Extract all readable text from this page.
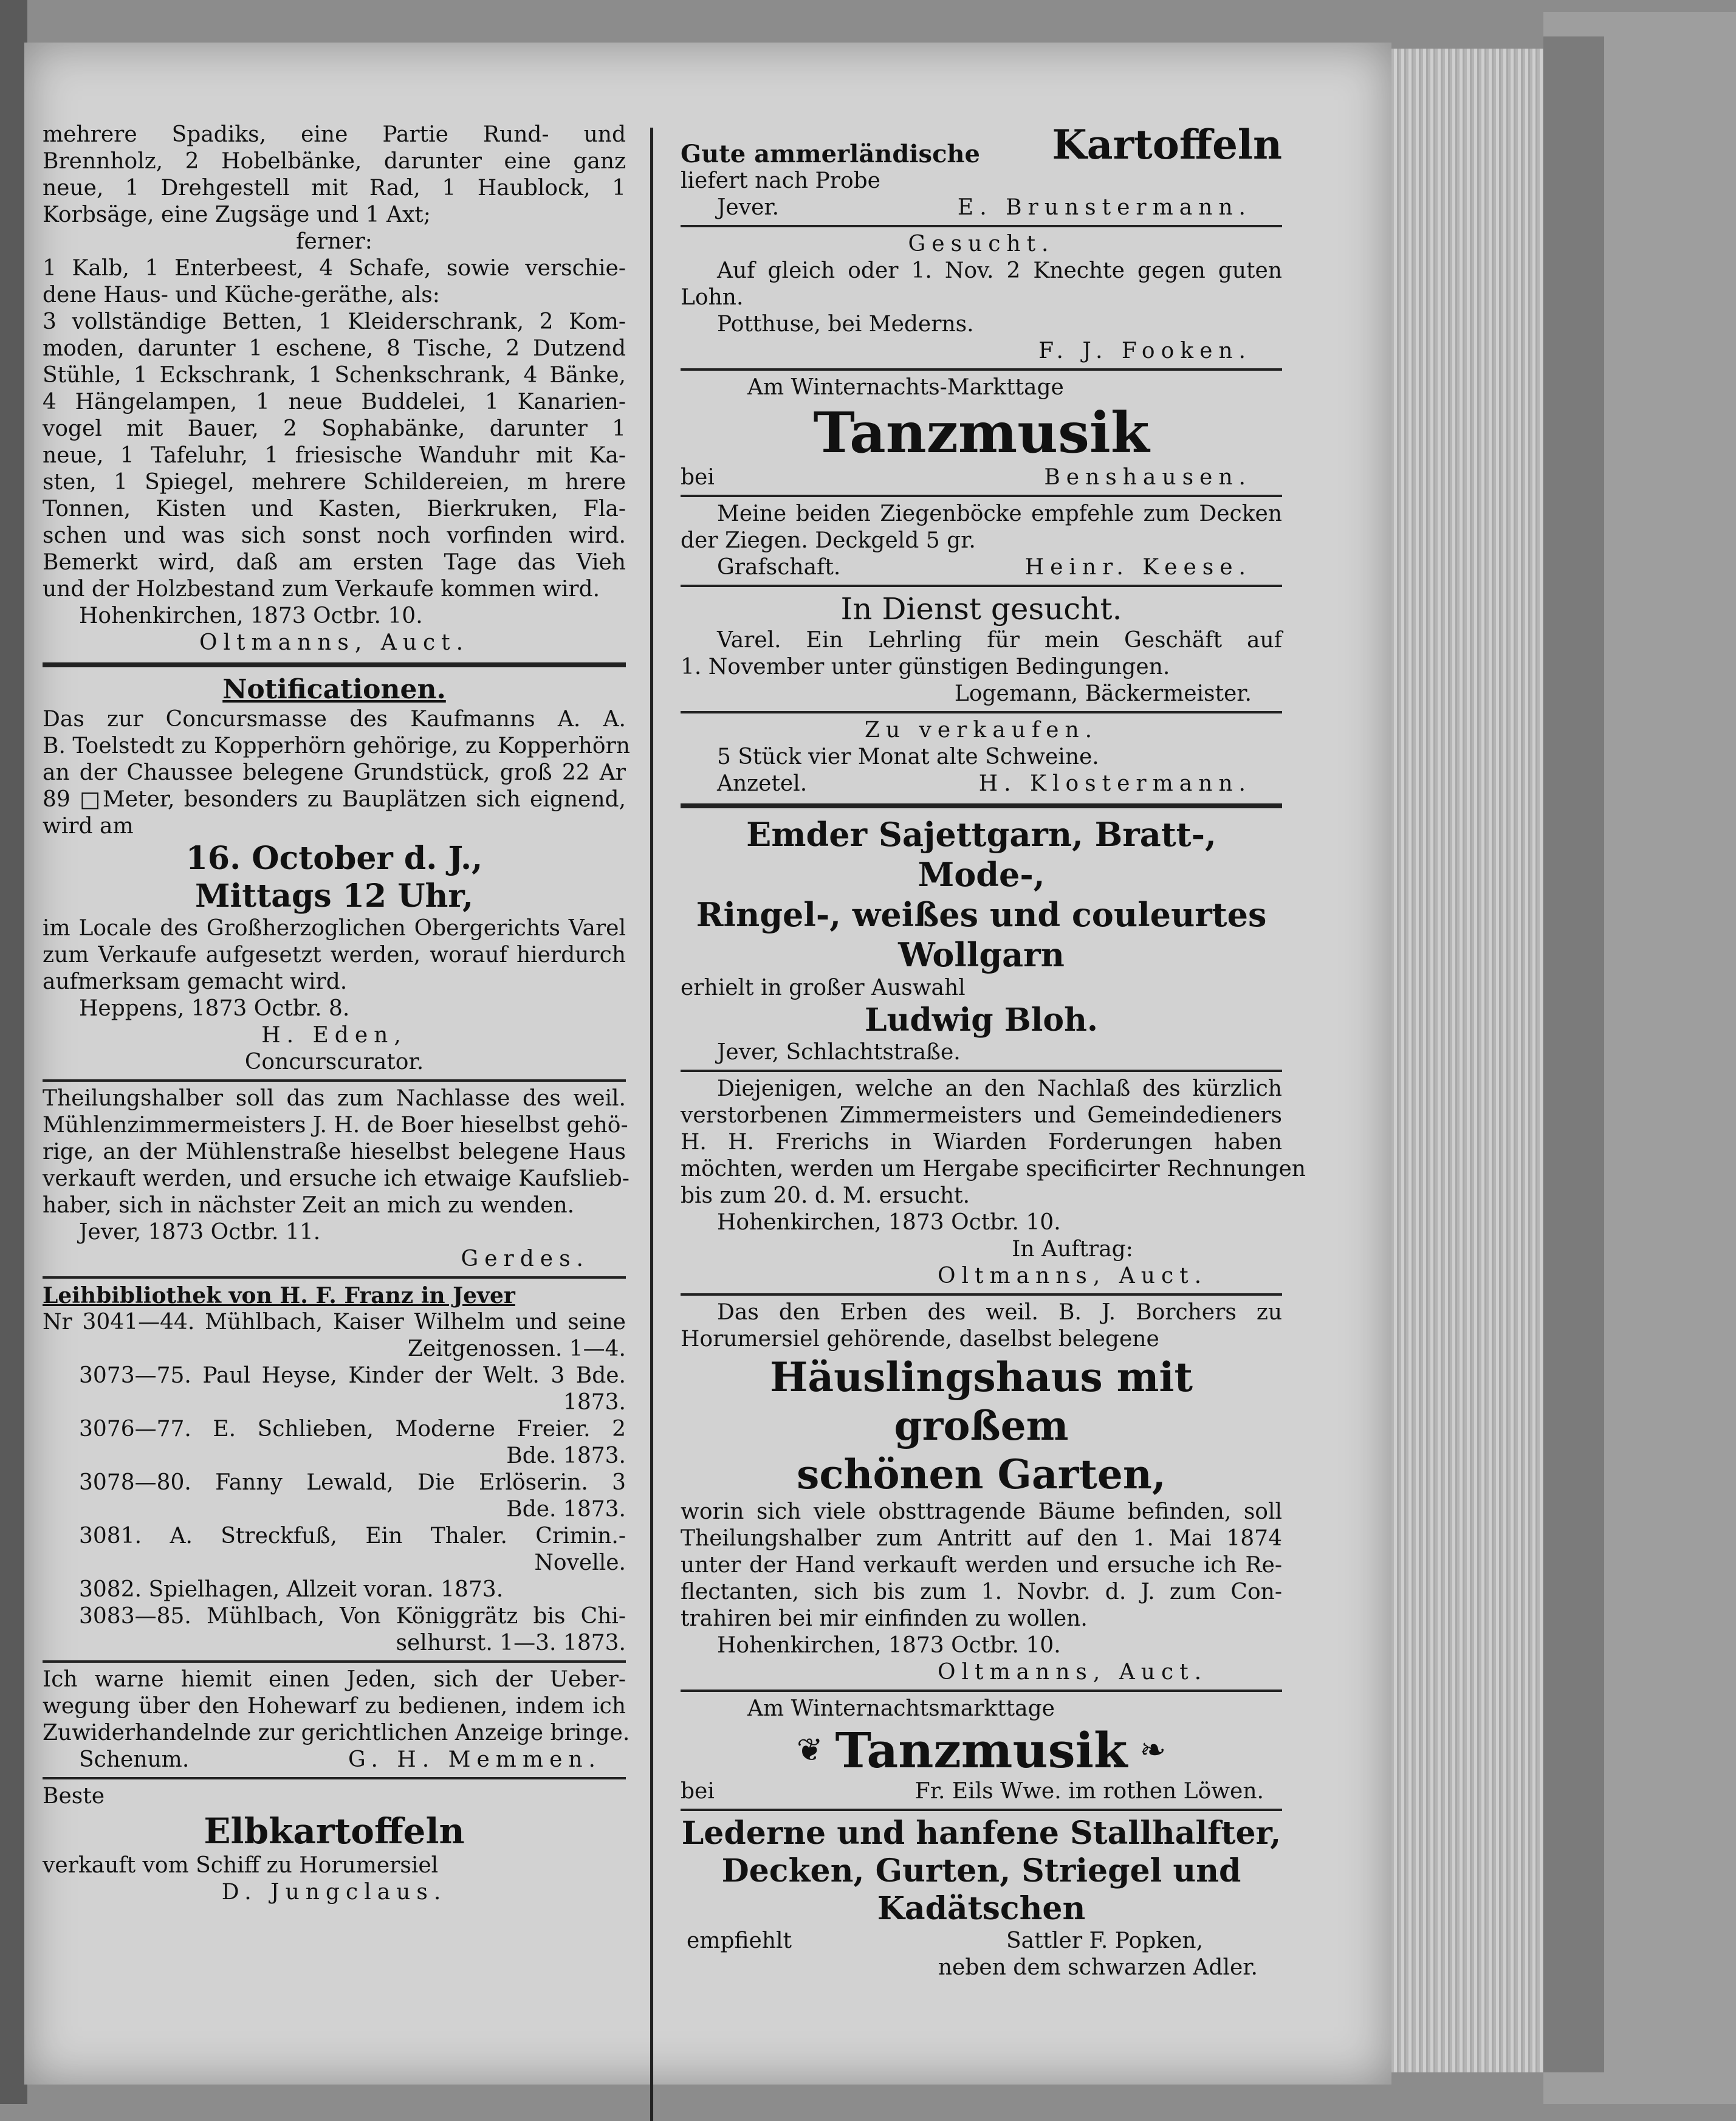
mehrere Spadiks, eine Partie Rund- und
Brennholz, 2 Hobelbänke, darunter eine ganz
neue, 1 Drehgestell mit Rad, 1 Haublock, 1
Korbsäge, eine Zugsäge und 1 Axt;
ferner:
1 Kalb, 1 Enterbeest, 4 Schafe, sowie verschie-
dene Haus- und Küche-geräthe, als:
3 vollständige Betten, 1 Kleiderschrank, 2 Kom-
moden, darunter 1 eschene, 8 Tische, 2 Dutzend
Stühle, 1 Eckschrank, 1 Schenkschrank, 4 Bänke,
4 Hängelampen, 1 neue Buddelei, 1 Kanarien-
vogel mit Bauer, 2 Sophabänke, darunter 1
neue, 1 Tafeluhr, 1 friesische Wanduhr mit Ka-
sten, 1 Spiegel, mehrere Schildereien, m hrere
Tonnen, Kisten und Kasten, Bierkruken, Fla-
schen und was sich sonst noch vorfinden wird.
Bemerkt wird, daß am ersten Tage das Vieh
und der Holzbestand zum Verkaufe kommen wird.
Hohenkirchen, 1873 Octbr. 10.
Oltmanns, Auct.
Notificationen.
Das zur Concursmasse des Kaufmanns A. A.
B. Toelstedt zu Kopperhörn gehörige, zu Kopperhörn
an der Chaussee belegene Grundstück, groß 22 Ar
89 □Meter, besonders zu Bauplätzen sich eignend,
wird am
16. October d. J.,
Mittags 12 Uhr,
im Locale des Großherzoglichen Obergerichts Varel
zum Verkaufe aufgesetzt werden, worauf hierdurch
aufmerksam gemacht wird.
Heppens, 1873 Octbr. 8.
H. Eden,
Concurscurator.
Theilungshalber soll das zum Nachlasse des weil.
Mühlenzimmermeisters J. H. de Boer hieselbst gehö-
rige, an der Mühlenstraße hieselbst belegene Haus
verkauft werden, und ersuche ich etwaige Kaufslieb-
haber, sich in nächster Zeit an mich zu wenden.
Jever, 1873 Octbr. 11.
Gerdes.
Leihbibliothek von H. F. Franz in Jever
Nr 3041—44. Mühlbach, Kaiser Wilhelm und seine
Zeitgenossen. 1—4.
3073—75. Paul Heyse, Kinder der Welt. 3 Bde.
1873.
3076—77. E. Schlieben, Moderne Freier. 2
Bde. 1873.
3078—80. Fanny Lewald, Die Erlöserin. 3
Bde. 1873.
3081. A. Streckfuß, Ein Thaler. Crimin.-
Novelle.
3082. Spielhagen, Allzeit voran. 1873.
3083—85. Mühlbach, Von Königgrätz bis Chi-
selhurst. 1—3. 1873.
Ich warne hiemit einen Jeden, sich der Ueber-
wegung über den Hohewarf zu bedienen, indem ich
Zuwiderhandelnde zur gerichtlichen Anzeige bringe.
Schenum.	G. H. Memmen.
Beste
Elbkartoffeln
verkauft vom Schiff zu Horumersiel
D. Jungclaus.
Gute ammerländische Kartoffeln
liefert nach Probe
Jever.	E. Brunstermann.
Gesucht.
Auf gleich oder 1. Nov. 2 Knechte gegen guten
Lohn.
Potthuse, bei Mederns.
F. J. Fooken.
Am Winternachts-Markttage
Tanzmusik
bei	Benshausen.
Meine beiden Ziegenböcke empfehle zum Decken
der Ziegen. Deckgeld 5 gr.
Grafschaft.	Heinr. Keese.
In Dienst gesucht.
Varel. Ein Lehrling für mein Geschäft auf
1. November unter günstigen Bedingungen.
Logemann, Bäckermeister.
Zu verkaufen.
5 Stück vier Monat alte Schweine.
Anzetel.	H. Klostermann.
Emder Sajettgarn, Bratt-, Mode-,
Ringel-, weißes und couleurtes
Wollgarn
erhielt in großer Auswahl
Ludwig Bloh.
Jever, Schlachtstraße.
Diejenigen, welche an den Nachlaß des kürzlich
verstorbenen Zimmermeisters und Gemeindedieners
H. H. Frerichs in Wiarden Forderungen haben
möchten, werden um Hergabe specificirter Rechnungen
bis zum 20. d. M. ersucht.
Hohenkirchen, 1873 Octbr. 10.
In Auftrag:
Oltmanns, Auct.
Das den Erben des weil. B. J. Borchers zu
Horumersiel gehörende, daselbst belegene
Häuslingshaus mit großem
schönen Garten,
worin sich viele obsttragende Bäume befinden, soll
Theilungshalber zum Antritt auf den 1. Mai 1874
unter der Hand verkauft werden und ersuche ich Re-
flectanten, sich bis zum 1. Novbr. d. J. zum Con-
trahiren bei mir einfinden zu wollen.
Hohenkirchen, 1873 Octbr. 10.
Oltmanns, Auct.
Am Winternachtsmarkttage
❦ Tanzmusik ❧
bei	Fr. Eils Wwe. im rothen Löwen.
Lederne und hanfene Stallhalfter,
Decken, Gurten, Striegel und
Kadätschen
empfiehlt	Sattler F. Popken,
neben dem schwarzen Adler.
